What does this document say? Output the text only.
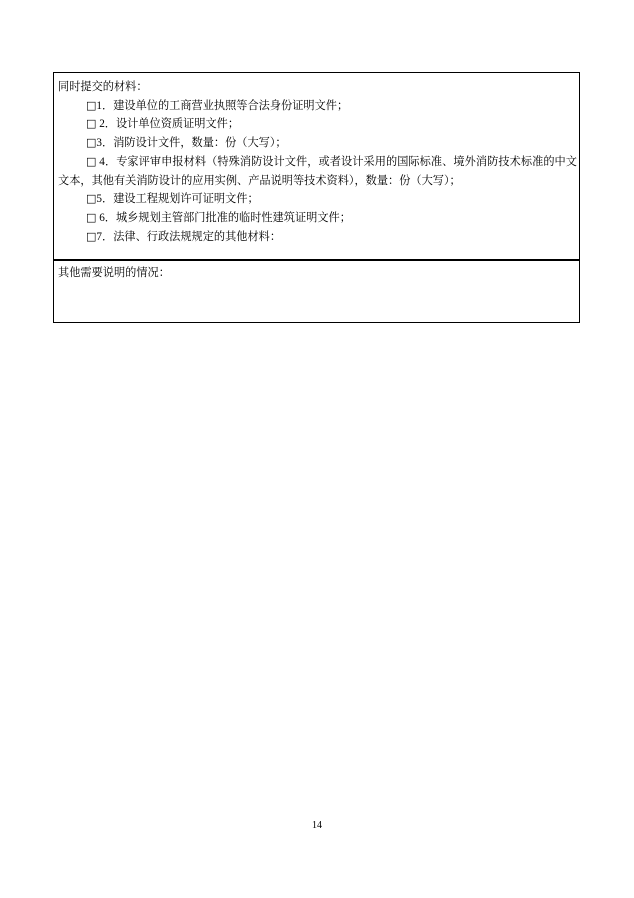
同时提交的材料：

□1．建设单位的工商营业执照等合法身份证明文件；

□ 2．设计单位资质证明文件；

□3．消防设计文件，数量：份（大写）；

□ 4．专家评审申报材料（特殊消防设计文件，或者设计采用的国际标准、境外消防技术标准的中文文本，其他有关消防设计的应用实例、产品说明等技术资料），数量：份（大写）；

□5．建设工程规划许可证明文件；

□ 6．城乡规划主管部门批准的临时性建筑证明文件；

□7．法律、行政法规规定的其他材料：

其他需要说明的情况：

14
